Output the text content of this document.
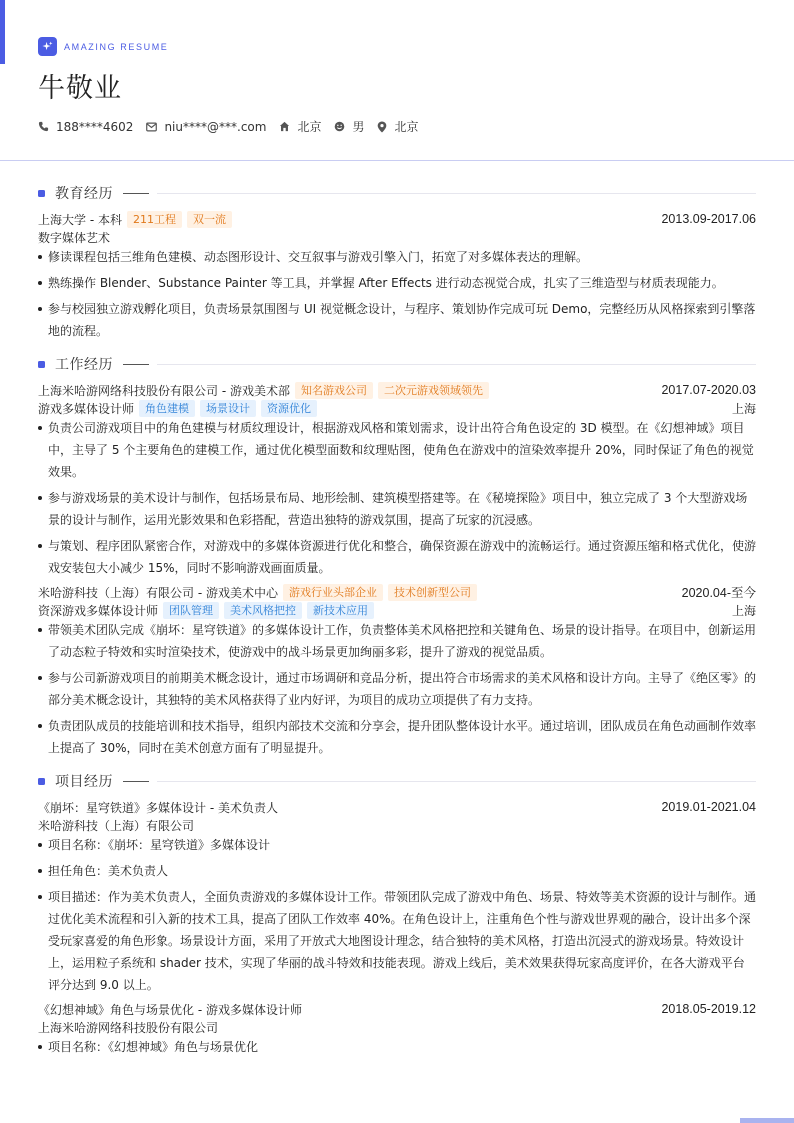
AMAZING RESUME
牛敬业
188****4602	niu****@***.com	北京	男	北京
教育经历
上海大学 - 本科	211工程	双一流	2013.09-2017.06
数字媒体艺术
修读课程包括三维角色建模、动态图形设计、交互叙事与游戏引擎入门，拓宽了对多媒体表达的理解。
熟练操作 Blender、Substance Painter 等工具，并掌握 After Effects 进行动态视觉合成，扎实了三维造型与材质表现能力。
参与校园独立游戏孵化项目，负责场景氛围图与 UI 视觉概念设计，与程序、策划协作完成可玩 Demo，完整经历从风格探索到引擎落地的流程。
工作经历
上海米哈游网络科技股份有限公司 - 游戏美术部	知名游戏公司	二次元游戏领域领先	2017.07-2020.03
游戏多媒体设计师	角色建模	场景设计	资源优化	上海
负责公司游戏项目中的角色建模与材质纹理设计，根据游戏风格和策划需求，设计出符合角色设定的 3D 模型。在《幻想神域》项目中，主导了 5 个主要角色的建模工作，通过优化模型面数和纹理贴图，使角色在游戏中的渲染效率提升 20%，同时保证了角色的视觉效果。
参与游戏场景的美术设计与制作，包括场景布局、地形绘制、建筑模型搭建等。在《秘境探险》项目中，独立完成了 3 个大型游戏场景的设计与制作，运用光影效果和色彩搭配，营造出独特的游戏氛围，提高了玩家的沉浸感。
与策划、程序团队紧密合作，对游戏中的多媒体资源进行优化和整合，确保资源在游戏中的流畅运行。通过资源压缩和格式优化，使游戏安装包大小减少 15%，同时不影响游戏画面质量。
米哈游科技（上海）有限公司 - 游戏美术中心	游戏行业头部企业	技术创新型公司	2020.04-至今
资深游戏多媒体设计师	团队管理	美术风格把控	新技术应用	上海
带领美术团队完成《崩坏：星穹铁道》的多媒体设计工作，负责整体美术风格把控和关键角色、场景的设计指导。在项目中，创新运用了动态粒子特效和实时渲染技术，使游戏中的战斗场景更加绚丽多彩，提升了游戏的视觉品质。
参与公司新游戏项目的前期美术概念设计，通过市场调研和竞品分析，提出符合市场需求的美术风格和设计方向。主导了《绝区零》的部分美术概念设计，其独特的美术风格获得了业内好评，为项目的成功立项提供了有力支持。
负责团队成员的技能培训和技术指导，组织内部技术交流和分享会，提升团队整体设计水平。通过培训，团队成员在角色动画制作效率上提高了 30%，同时在美术创意方面有了明显提升。
项目经历
《崩坏：星穹铁道》多媒体设计 - 美术负责人	2019.01-2021.04
米哈游科技（上海）有限公司
项目名称：《崩坏：星穹铁道》多媒体设计
担任角色：美术负责人
项目描述：作为美术负责人，全面负责游戏的多媒体设计工作。带领团队完成了游戏中角色、场景、特效等美术资源的设计与制作。通过优化美术流程和引入新的技术工具，提高了团队工作效率 40%。在角色设计上，注重角色个性与游戏世界观的融合，设计出多个深受玩家喜爱的角色形象。场景设计方面，采用了开放式大地图设计理念，结合独特的美术风格，打造出沉浸式的游戏场景。特效设计上，运用粒子系统和 shader 技术，实现了华丽的战斗特效和技能表现。游戏上线后，美术效果获得玩家高度评价，在各大游戏平台评分达到 9.0 以上。
《幻想神域》角色与场景优化 - 游戏多媒体设计师	2018.05-2019.12
上海米哈游网络科技股份有限公司
项目名称：《幻想神域》角色与场景优化
